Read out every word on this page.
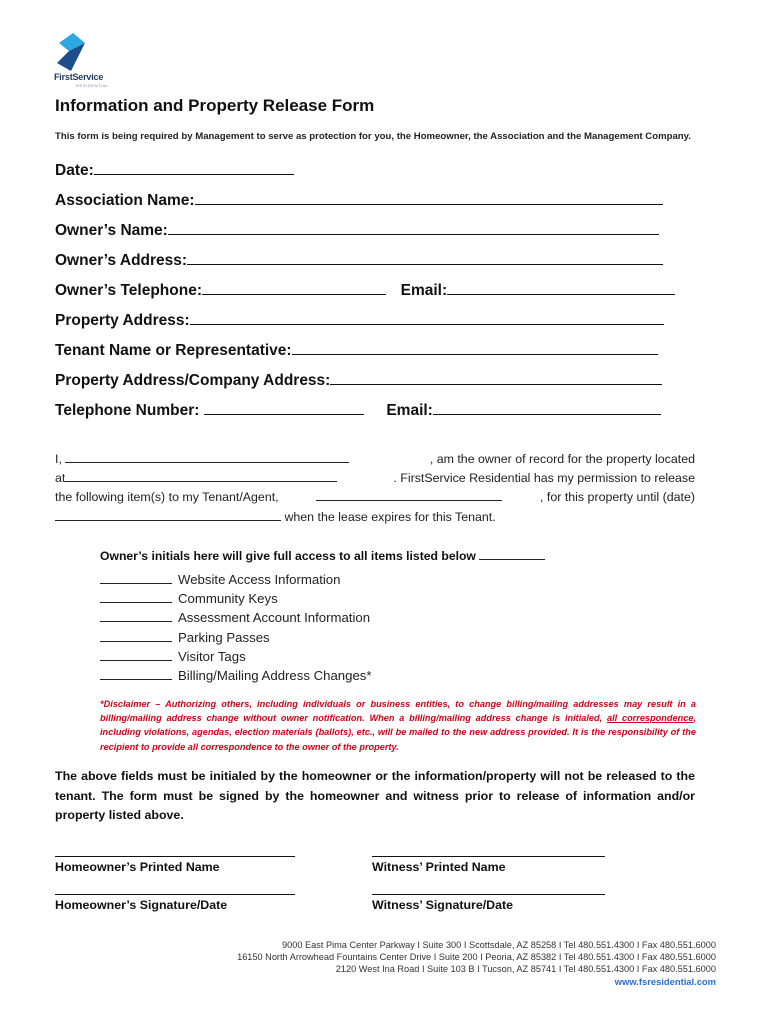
FirstService
RESIDENTIAL
Information and Property Release Form
This form is being required by Management to serve as protection for you, the Homeowner, the Association and the Management Company.
Date:
Association Name:
Owner’s Name:
Owner’s Address:
Owner’s Telephone:	Email:
Property Address:
Tenant Name or Representative:
Property Address/Company Address:
Telephone Number:	Email:
I,	, am the owner of record for the property located
at	. FirstService Residential has my permission to release
the following item(s) to my Tenant/Agent,	, for this property until (date)
when the lease expires for this Tenant.
Owner’s initials here will give full access to all items listed below
Website Access Information
Community Keys
Assessment Account Information
Parking Passes
Visitor Tags
Billing/Mailing Address Changes*
*Disclaimer – Authorizing others, including individuals or business entities, to change billing/mailing addresses may result in a billing/mailing address change without owner notification. When a billing/mailing address change is initialed, all correspondence, including violations, agendas, election materials (ballots), etc., will be mailed to the new address provided. It is the responsibility of the recipient to provide all correspondence to the owner of the property.
The above fields must be initialed by the homeowner or the information/property will not be released to the tenant. The form must be signed by the homeowner and witness prior to release of information and/or property listed above.
Homeowner’s Printed Name	Witness’ Printed Name
Homeowner’s Signature/Date	Witness’ Signature/Date
9000 East Pima Center Parkway I Suite 300 I Scottsdale, AZ 85258 I Tel 480.551.4300 I Fax 480.551.6000
16150 North Arrowhead Fountains Center Drive I Suite 200 I Peoria, AZ 85382 I Tel 480.551.4300 I Fax 480.551.6000
2120 West Ina Road I Suite 103 B I Tucson, AZ 85741 I Tel 480.551.4300 I Fax 480.551.6000
www.fsresidential.com
